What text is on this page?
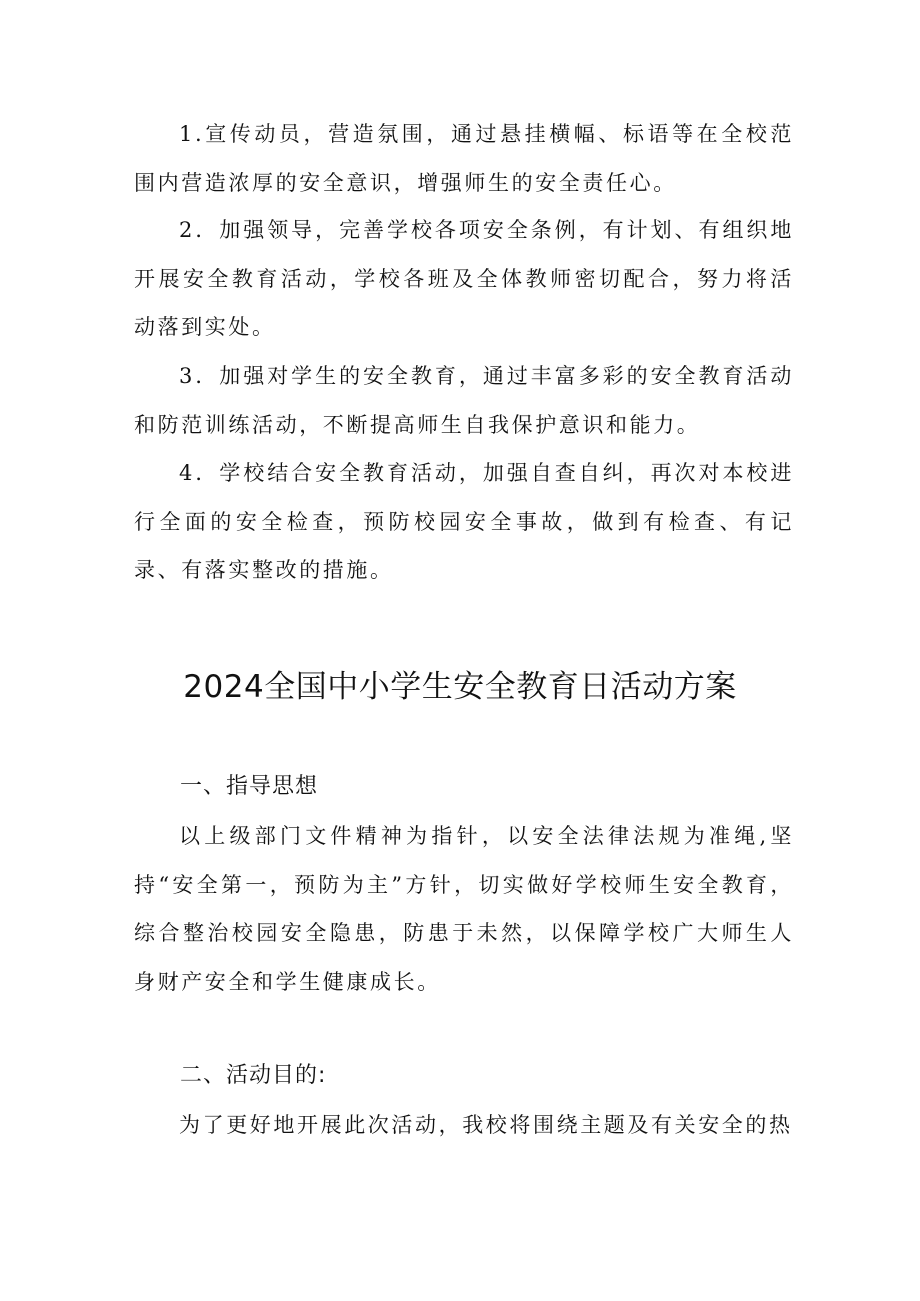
1.宣传动员，营造氛围，通过悬挂横幅、标语等在全校范围内营造浓厚的安全意识，增强师生的安全责任心。

2．加强领导，完善学校各项安全条例，有计划、有组织地开展安全教育活动，学校各班及全体教师密切配合，努力将活动落到实处。

3．加强对学生的安全教育，通过丰富多彩的安全教育活动和防范训练活动，不断提高师生自我保护意识和能力。

4．学校结合安全教育活动，加强自查自纠，再次对本校进行全面的安全检查，预防校园安全事故，做到有检查、有记录、有落实整改的措施。

2024全国中小学生安全教育日活动方案
一、指导思想

以上级部门文件精神为指针，以安全法律法规为准绳,坚持“安全第一，预防为主”方针，切实做好学校师生安全教育，综合整治校园安全隐患，防患于未然，以保障学校广大师生人身财产安全和学生健康成长。

二、活动目的:

为了更好地开展此次活动，我校将围绕主题及有关安全的热
